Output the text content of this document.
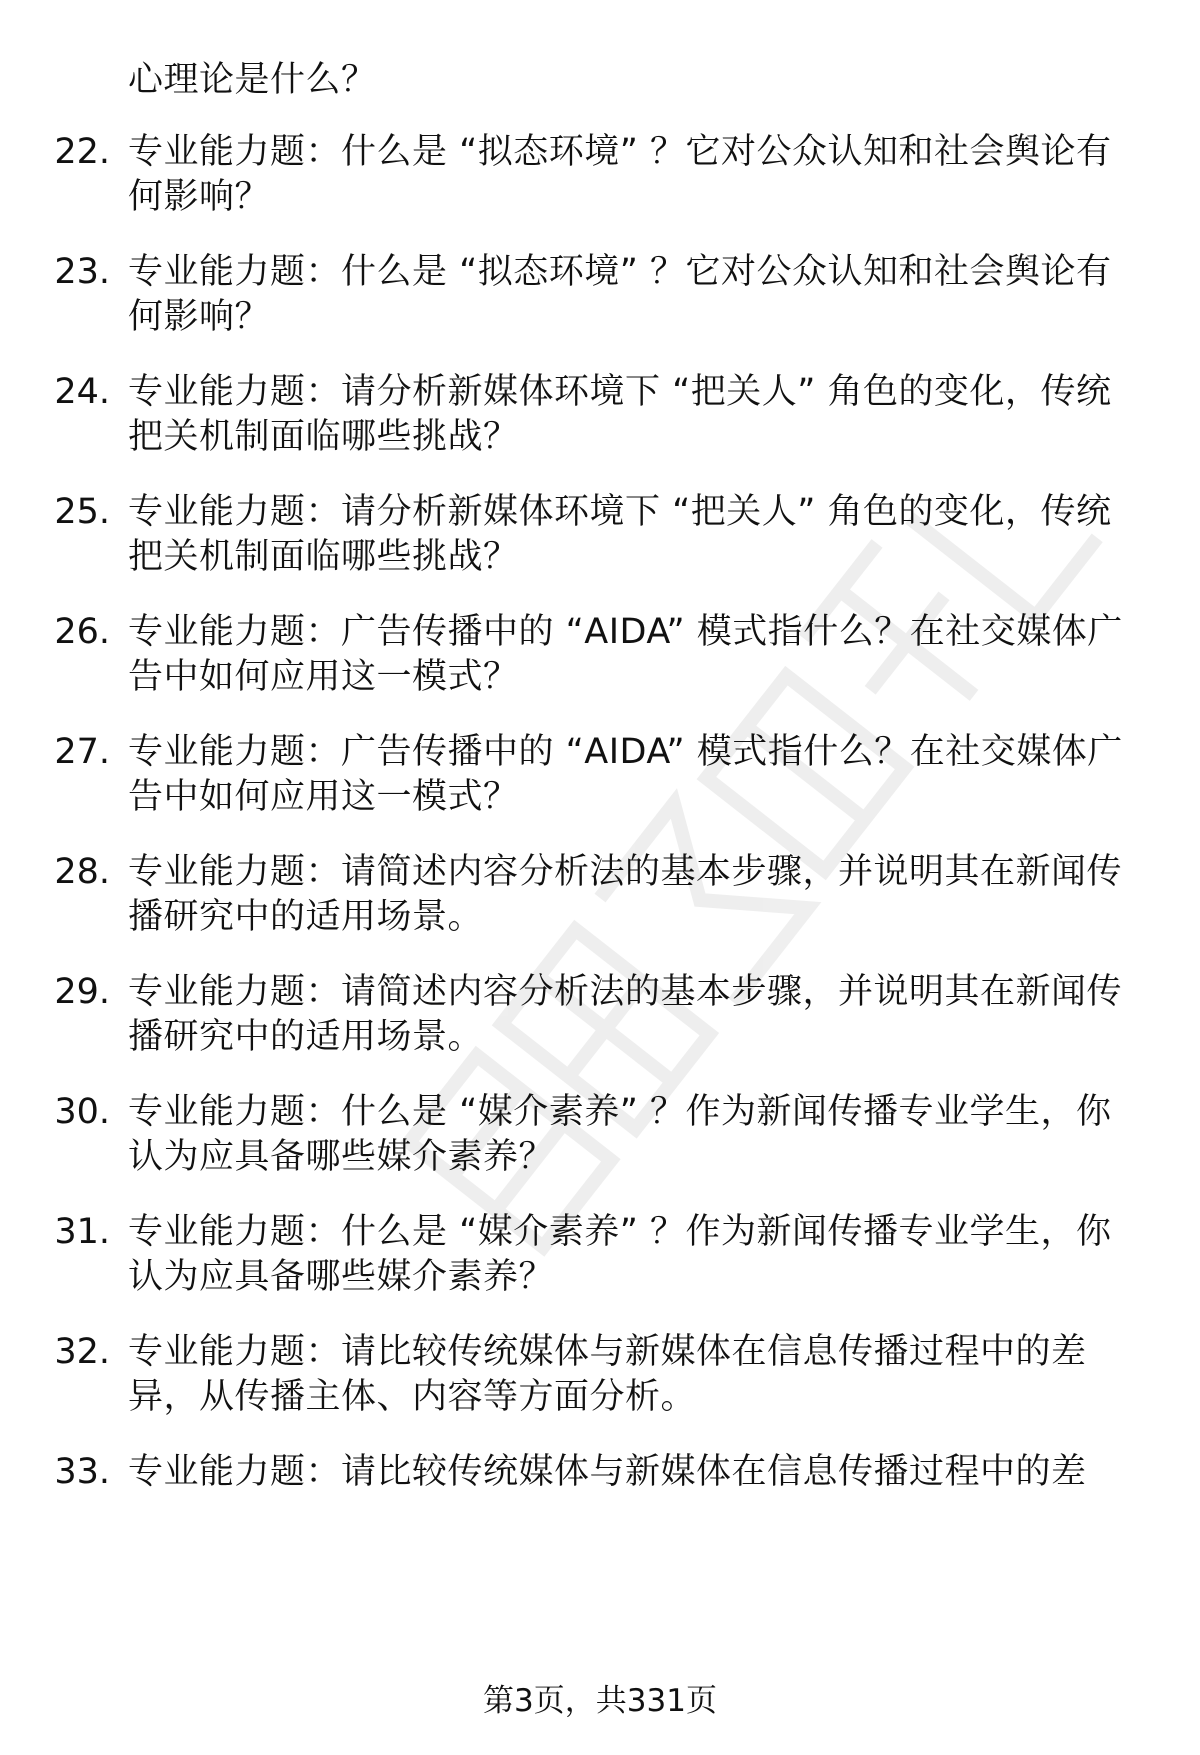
心理论是什么？
22. 专业能力题：什么是 “拟态环境” ？它对公众认知和社会舆论有
何影响？
23. 专业能力题：什么是 “拟态环境” ？它对公众认知和社会舆论有
何影响？
24. 专业能力题：请分析新媒体环境下 “把关人” 角色的变化，传统
把关机制面临哪些挑战？
25. 专业能力题：请分析新媒体环境下 “把关人” 角色的变化，传统
把关机制面临哪些挑战？
26. 专业能力题：广告传播中的 “AIDA” 模式指什么？在社交媒体广
告中如何应用这一模式？
27. 专业能力题：广告传播中的 “AIDA” 模式指什么？在社交媒体广
告中如何应用这一模式？
28. 专业能力题：请简述内容分析法的基本步骤，并说明其在新闻传
播研究中的适用场景。
29. 专业能力题：请简述内容分析法的基本步骤，并说明其在新闻传
播研究中的适用场景。
30. 专业能力题：什么是 “媒介素养” ？作为新闻传播专业学生，你
认为应具备哪些媒介素养？
31. 专业能力题：什么是 “媒介素养” ？作为新闻传播专业学生，你
认为应具备哪些媒介素养？
32. 专业能力题：请比较传统媒体与新媒体在信息传播过程中的差
异，从传播主体、内容等方面分析。
33. 专业能力题：请比较传统媒体与新媒体在信息传播过程中的差
第3页，共331页
